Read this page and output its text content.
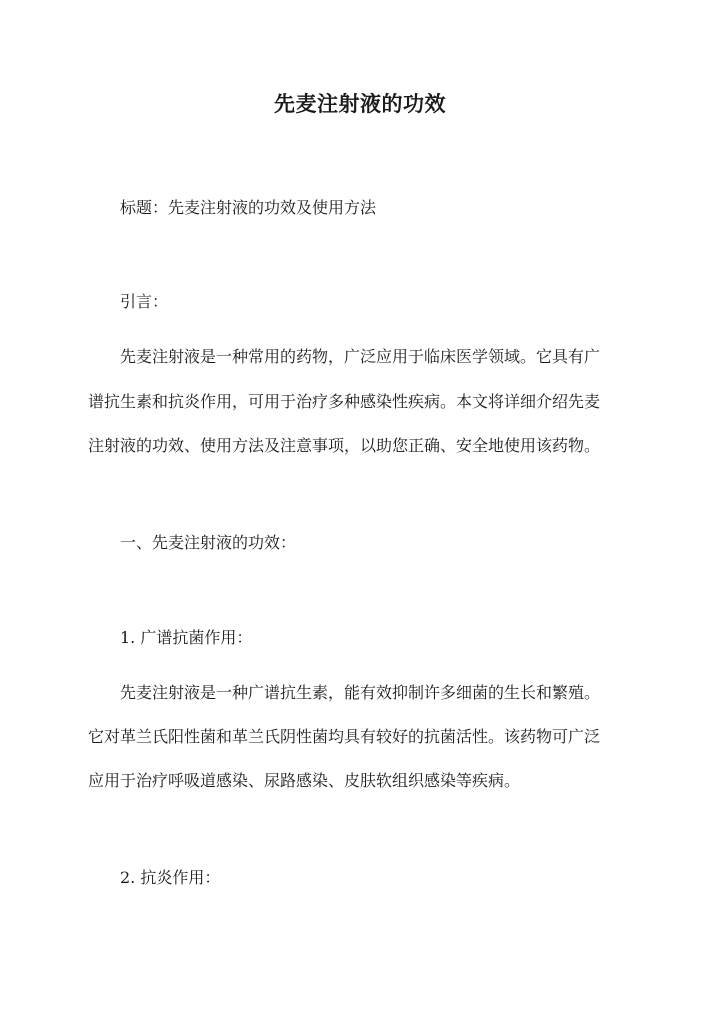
先麦注射液的功效
标题：先麦注射液的功效及使用方法
引言：
先麦注射液是一种常用的药物，广泛应用于临床医学领域。它具有广
谱抗生素和抗炎作用，可用于治疗多种感染性疾病。本文将详细介绍先麦
注射液的功效、使用方法及注意事项，以助您正确、安全地使用该药物。
一、先麦注射液的功效：
1. 广谱抗菌作用：
先麦注射液是一种广谱抗生素，能有效抑制许多细菌的生长和繁殖。
它对革兰氏阳性菌和革兰氏阴性菌均具有较好的抗菌活性。该药物可广泛
应用于治疗呼吸道感染、尿路感染、皮肤软组织感染等疾病。
2. 抗炎作用：
